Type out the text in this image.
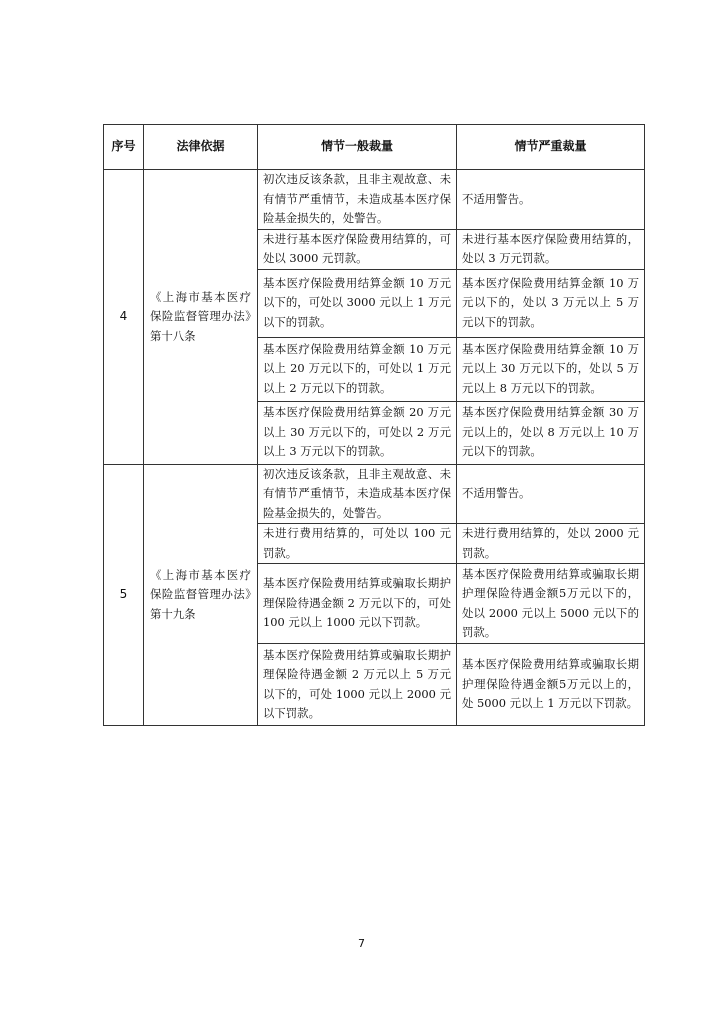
序号	法律依据	情节一般裁量	情节严重裁量
4	《上海市基本医疗保险监督管理办法》第十八条	初次违反该条款，且非主观故意、未有情节严重情节，未造成基本医疗保险基金损失的，处警告。	不适用警告。
		未进行基本医疗保险费用结算的，可处以 3000 元罚款。	未进行基本医疗保险费用结算的，处以 3 万元罚款。
		基本医疗保险费用结算金额 10 万元以下的，可处以 3000 元以上 1 万元以下的罚款。	基本医疗保险费用结算金额 10 万元以下的，处以 3 万元以上 5 万元以下的罚款。
		基本医疗保险费用结算金额 10 万元以上 20 万元以下的，可处以 1 万元以上 2 万元以下的罚款。	基本医疗保险费用结算金额 10 万元以上 30 万元以下的，处以 5 万元以上 8 万元以下的罚款。
		基本医疗保险费用结算金额 20 万元以上 30 万元以下的，可处以 2 万元以上 3 万元以下的罚款。	基本医疗保险费用结算金额 30 万元以上的，处以 8 万元以上 10 万元以下的罚款。
5	《上海市基本医疗保险监督管理办法》第十九条	初次违反该条款，且非主观故意、未有情节严重情节，未造成基本医疗保险基金损失的，处警告。	不适用警告。
		未进行费用结算的，可处以 100 元罚款。	未进行费用结算的，处以 2000 元罚款。
		基本医疗保险费用结算或骗取长期护理保险待遇金额 2 万元以下的，可处 100 元以上 1000 元以下罚款。	基本医疗保险费用结算或骗取长期护理保险待遇金额5万元以下的，处以 2000 元以上 5000 元以下的罚款。
		基本医疗保险费用结算或骗取长期护理保险待遇金额 2 万元以上 5 万元以下的，可处 1000 元以上 2000 元以下罚款。	基本医疗保险费用结算或骗取长期护理保险待遇金额5万元以上的，处 5000 元以上 1 万元以下罚款。
7
